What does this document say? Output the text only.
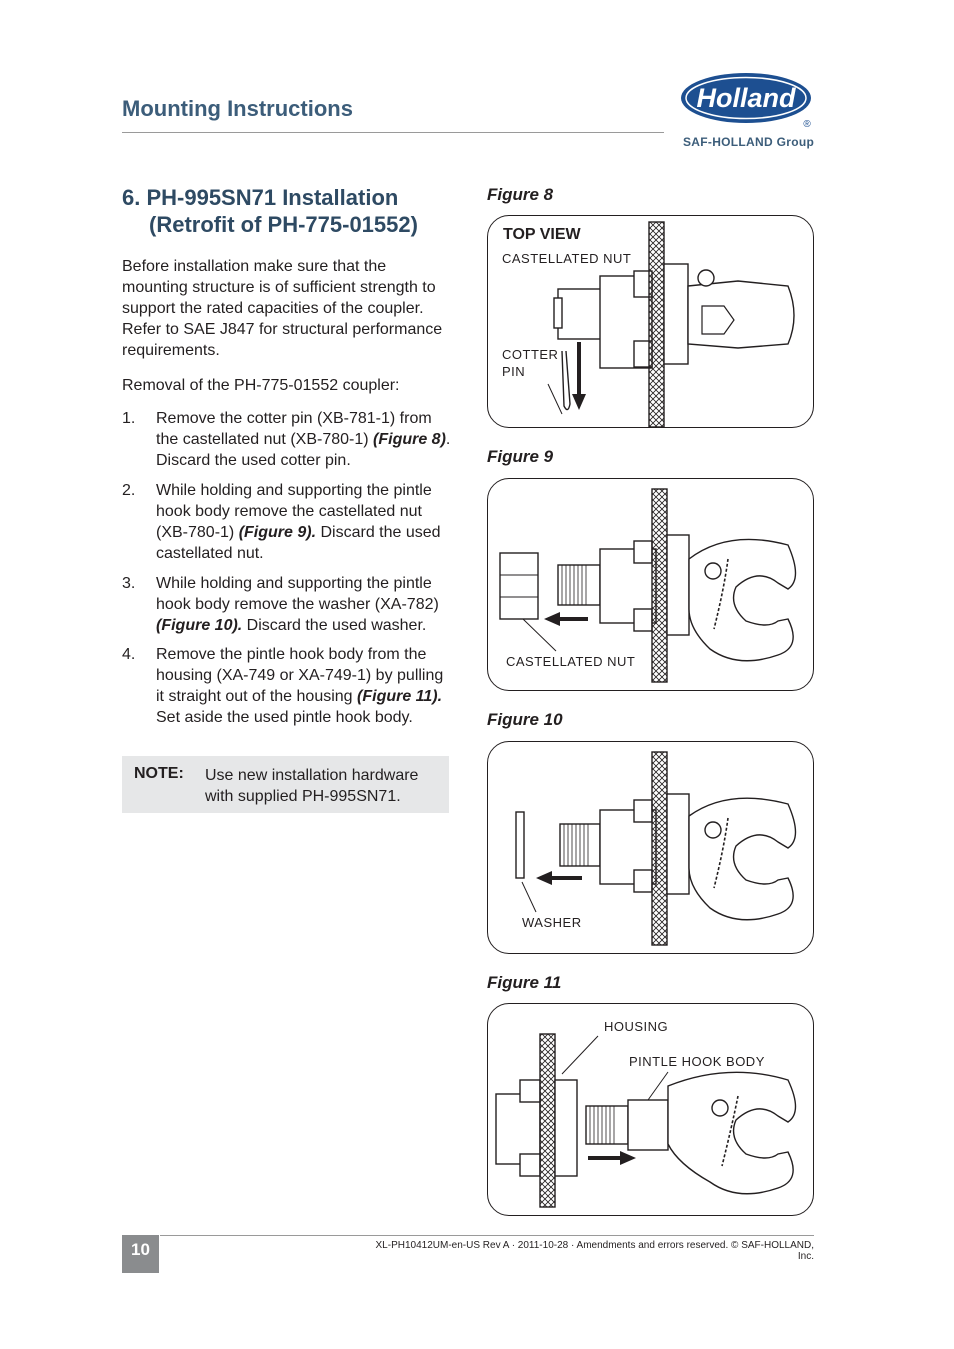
Mounting Instructions	Holland
®
SAF-HOLLAND Group
6. PH-995SN71 Installation
(Retrofit of PH-775-01552)
Before installation make sure that the mounting structure is of sufficient strength to support the rated capacities of the coupler. Refer to SAE J847 for structural performance requirements.
Removal of the PH-775-01552 coupler:
1. Remove the cotter pin (XB-781-1) from the castellated nut (XB-780-1) (Figure 8). Discard the used cotter pin.
2. While holding and supporting the pintle hook body remove the castellated nut (XB-780-1) (Figure 9). Discard the used castellated nut.
3. While holding and supporting the pintle hook body remove the washer (XA-782) (Figure 10). Discard the used washer.
4. Remove the pintle hook body from the housing (XA-749 or XA-749-1) by pulling it straight out of the housing (Figure 11). Set aside the used pintle hook body.
NOTE: Use new installation hardware with supplied PH-995SN71.
Figure 8
TOP VIEW
CASTELLATED NUT
COTTER
PIN
Figure 9
CASTELLATED NUT
Figure 10
WASHER
Figure 11
HOUSING
PINTLE HOOK BODY
10	XL-PH10412UM-en-US Rev A · 2011-10-28 · Amendments and errors reserved. © SAF-HOLLAND, Inc.
